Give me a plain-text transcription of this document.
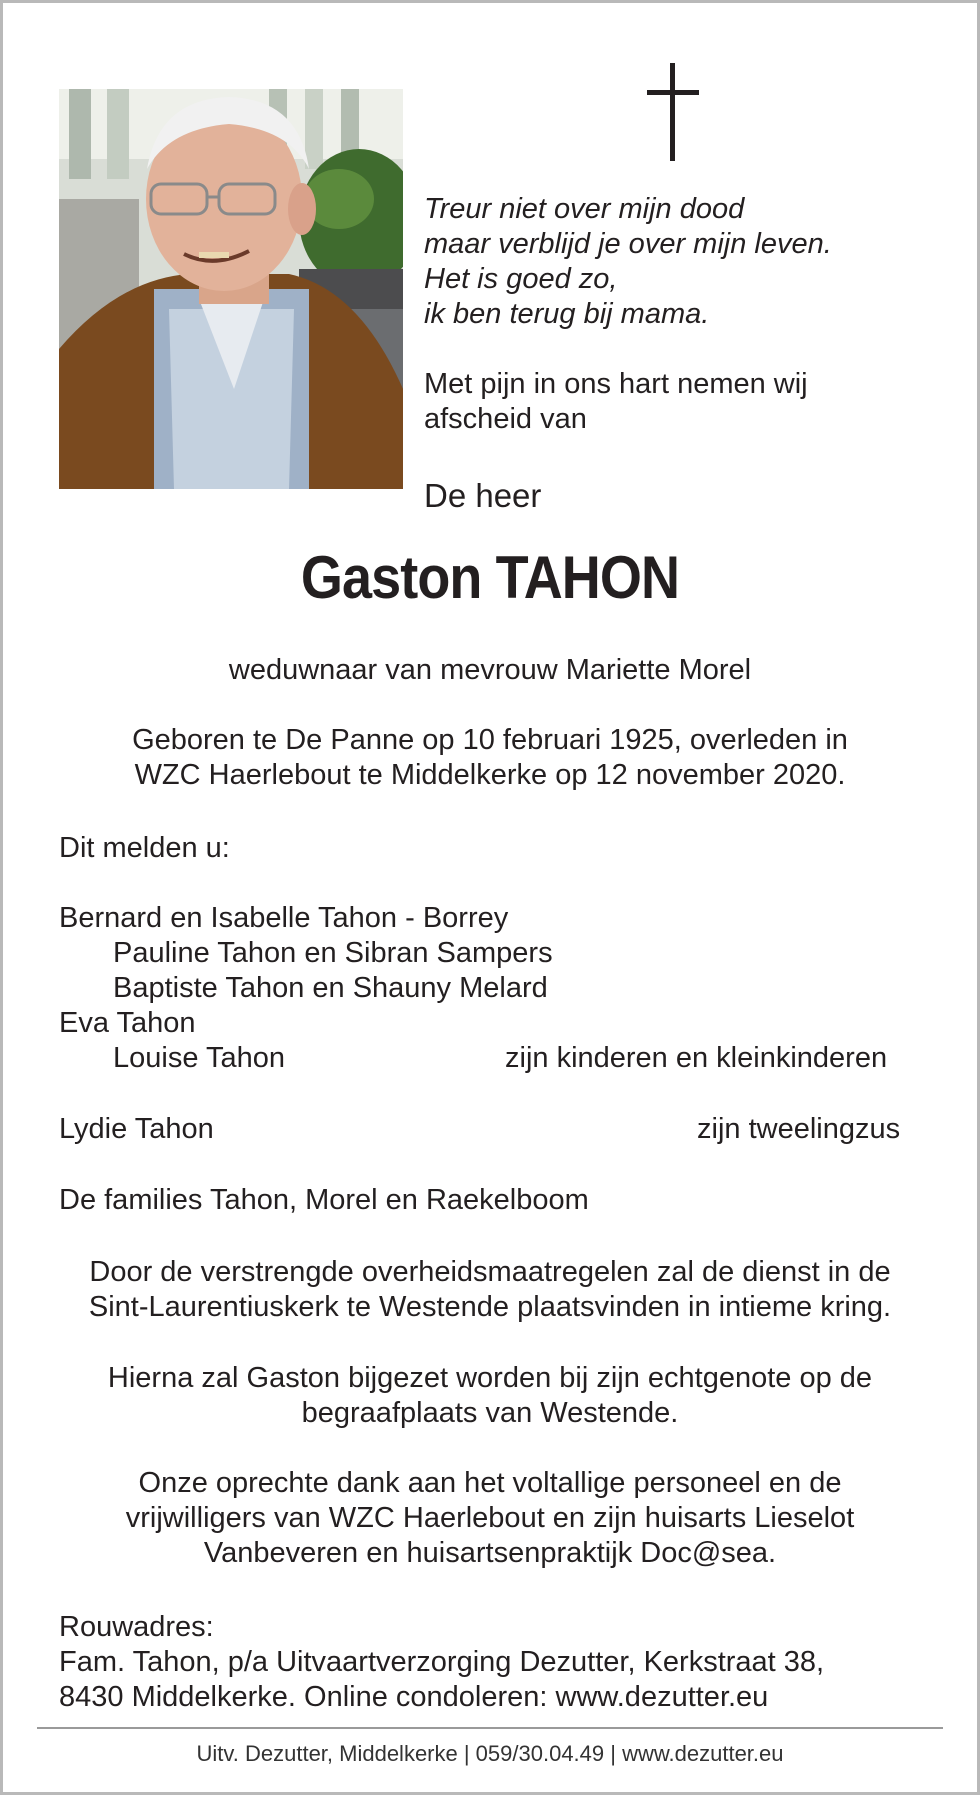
Treur niet over mijn dood
maar verblijd je over mijn leven.
Het is goed zo,
ik ben terug bij mama.
Met pijn in ons hart nemen wij
afscheid van
De heer
Gaston TAHON
weduwnaar van mevrouw Mariette Morel
Geboren te De Panne op 10 februari 1925, overleden in
WZC Haerlebout te Middelkerke op 12 november 2020.
Dit melden u:
Bernard en Isabelle Tahon - Borrey
Pauline Tahon en Sibran Sampers
Baptiste Tahon en Shauny Melard
Eva Tahon
Louise Tahon	zijn kinderen en kleinkinderen
Lydie Tahon	zijn tweelingzus
De families Tahon, Morel en Raekelboom
Door de verstrengde overheidsmaatregelen zal de dienst in de
Sint-Laurentiuskerk te Westende plaatsvinden in intieme kring.
Hierna zal Gaston bijgezet worden bij zijn echtgenote op de
begraafplaats van Westende.
Onze oprechte dank aan het voltallige personeel en de
vrijwilligers van WZC Haerlebout en zijn huisarts Lieselot
Vanbeveren en huisartsenpraktijk Doc@sea.
Rouwadres:
Fam. Tahon, p/a Uitvaartverzorging Dezutter, Kerkstraat 38,
8430 Middelkerke. Online condoleren: www.dezutter.eu
Uitv. Dezutter, Middelkerke | 059/30.04.49 | www.dezutter.eu
